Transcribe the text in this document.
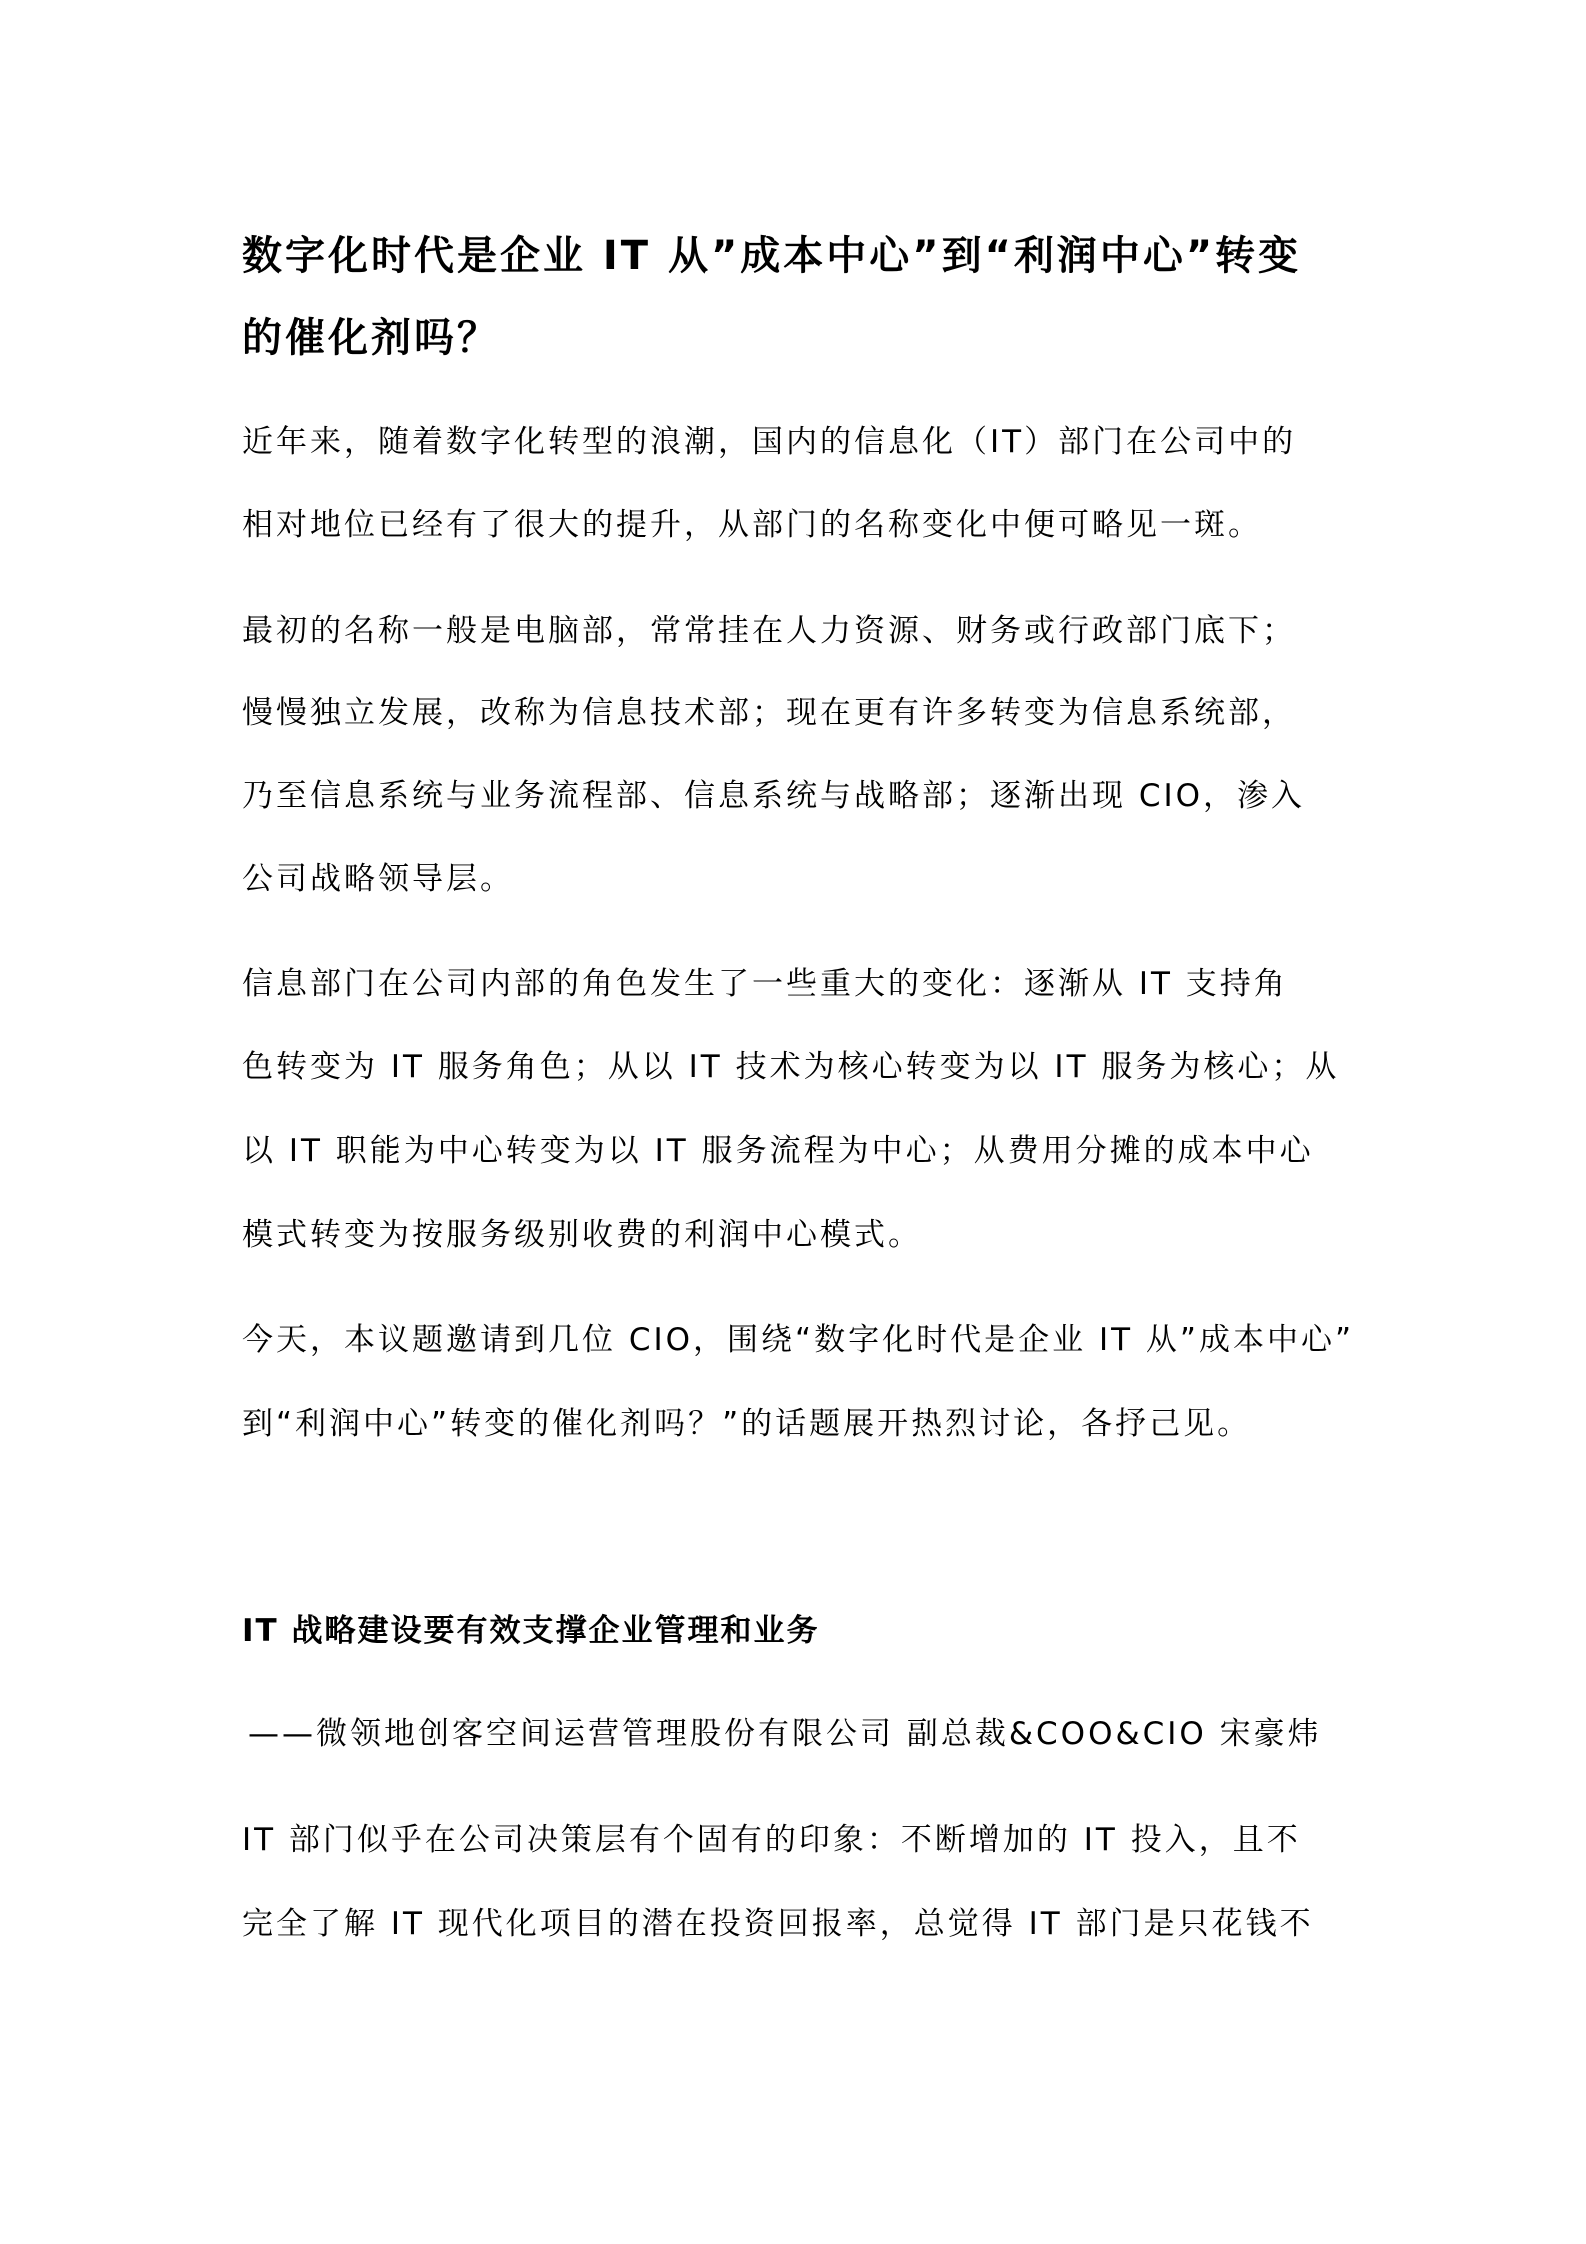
数字化时代是企业 IT 从”成本中心”到“利润中心”转变
的催化剂吗？
近年来，随着数字化转型的浪潮，国内的信息化（IT）部门在公司中的
相对地位已经有了很大的提升，从部门的名称变化中便可略见一斑。
最初的名称一般是电脑部，常常挂在人力资源、财务或行政部门底下；
慢慢独立发展，改称为信息技术部；现在更有许多转变为信息系统部，
乃至信息系统与业务流程部、信息系统与战略部；逐渐出现 CIO，渗入
公司战略领导层。
信息部门在公司内部的角色发生了一些重大的变化：逐渐从 IT 支持角
色转变为 IT 服务角色；从以 IT 技术为核心转变为以 IT 服务为核心；从
以 IT 职能为中心转变为以 IT 服务流程为中心；从费用分摊的成本中心
模式转变为按服务级别收费的利润中心模式。
今天，本议题邀请到几位 CIO，围绕“数字化时代是企业 IT 从”成本中心”
到“利润中心”转变的催化剂吗？”的话题展开热烈讨论，各抒己见。
IT 战略建设要有效支撑企业管理和业务
——微领地创客空间运营管理股份有限公司 副总裁&COO&CIO 宋豪炜
IT 部门似乎在公司决策层有个固有的印象：不断增加的 IT 投入，且不
完全了解 IT 现代化项目的潜在投资回报率，总觉得 IT 部门是只花钱不
